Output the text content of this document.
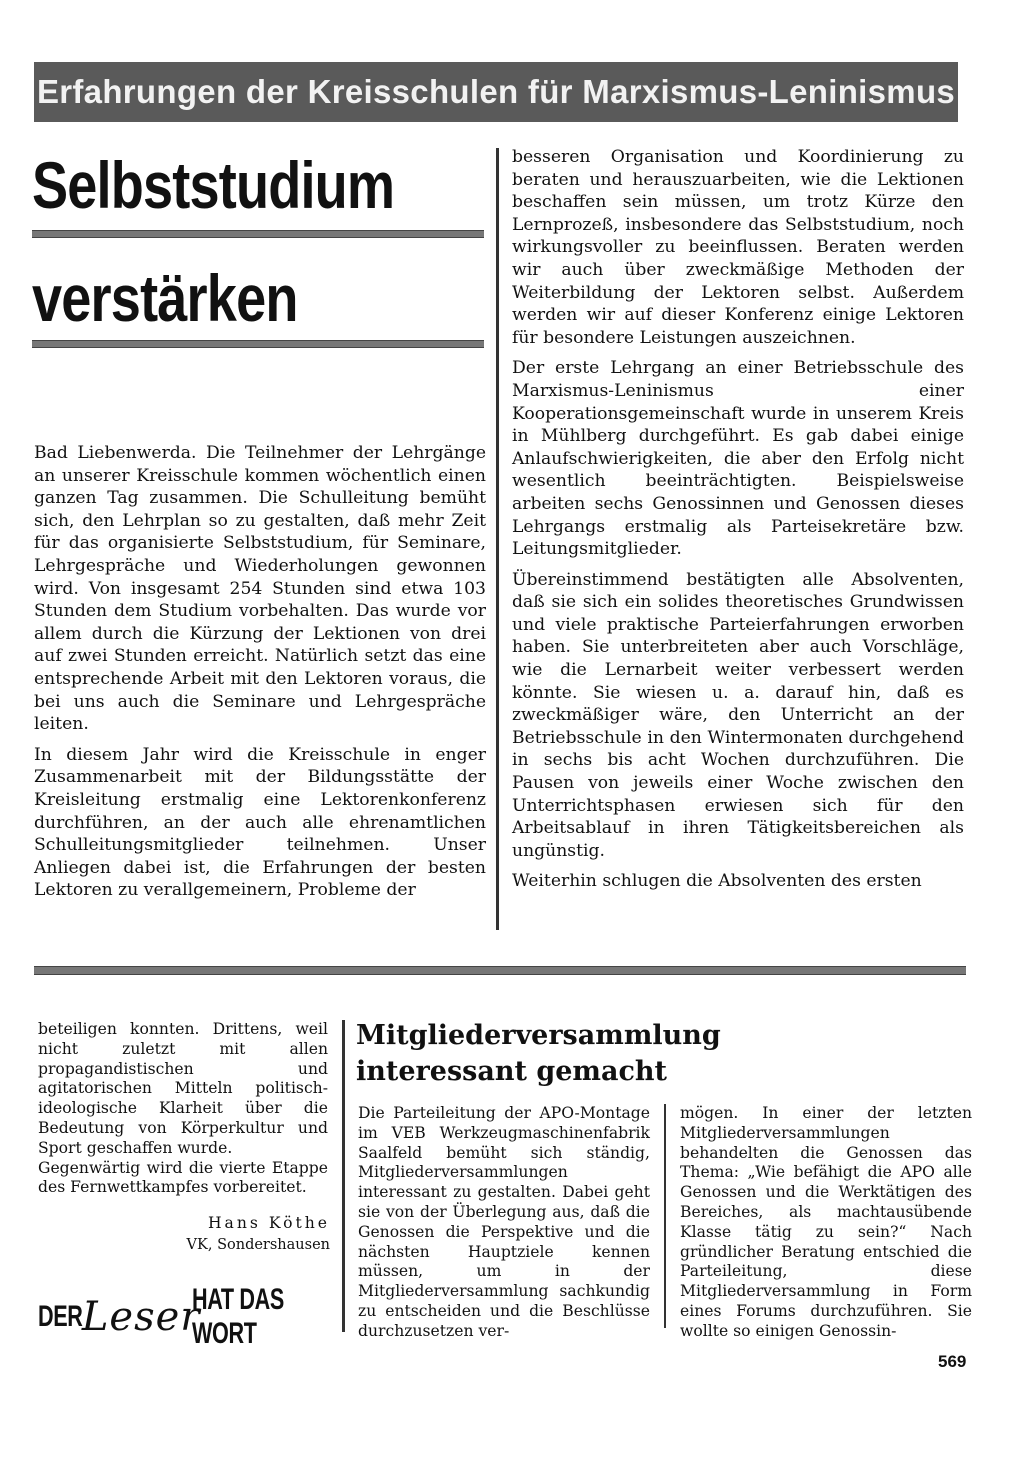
Erfahrungen der Kreisschulen für Marxismus-Leninismus
Selbststudium
verstärken

Bad Liebenwerda. Die Teilnehmer der Lehrgänge an unserer Kreisschule kommen wöchentlich einen ganzen Tag zusammen. Die Schulleitung bemüht sich, den Lehrplan so zu gestalten, daß mehr Zeit für das organisierte Selbststudium, für Seminare, Lehrgespräche und Wiederholungen gewonnen wird. Von insgesamt 254 Stunden sind etwa 103 Stunden dem Studium vorbehalten. Das wurde vor allem durch die Kürzung der Lektionen von drei auf zwei Stunden erreicht. Natürlich setzt das eine entsprechende Arbeit mit den Lektoren voraus, die bei uns auch die Seminare und Lehrgespräche leiten.

In diesem Jahr wird die Kreisschule in enger Zusammenarbeit mit der Bildungsstätte der Kreisleitung erstmalig eine Lektorenkonferenz durchführen, an der auch alle ehrenamtlichen Schulleitungsmitglieder teilnehmen. Unser Anliegen dabei ist, die Erfahrungen der besten Lektoren zu verallgemeinern, Probleme der

besseren Organisation und Koordinierung zu beraten und herauszuarbeiten, wie die Lektionen beschaffen sein müssen, um trotz Kürze den Lernprozeß, insbesondere das Selbststudium, noch wirkungsvoller zu beeinflussen. Beraten werden wir auch über zweckmäßige Methoden der Weiterbildung der Lektoren selbst. Außerdem werden wir auf dieser Konferenz einige Lektoren für besondere Leistungen auszeichnen.

Der erste Lehrgang an einer Betriebsschule des Marxismus-Leninismus einer Kooperationsgemeinschaft wurde in unserem Kreis in Mühlberg durchgeführt. Es gab dabei einige Anlaufschwierigkeiten, die aber den Erfolg nicht wesentlich beeinträchtigten. Beispielsweise arbeiten sechs Genossinnen und Genossen dieses Lehrgangs erstmalig als Parteisekretäre bzw. Leitungsmitglieder.

Übereinstimmend bestätigten alle Absolventen, daß sie sich ein solides theoretisches Grundwissen und viele praktische Parteierfahrungen erworben haben. Sie unterbreiteten aber auch Vorschläge, wie die Lernarbeit weiter verbessert werden könnte. Sie wiesen u. a. darauf hin, daß es zweckmäßiger wäre, den Unterricht an der Betriebsschule in den Wintermonaten durchgehend in sechs bis acht Wochen durchzuführen. Die Pausen von jeweils einer Woche zwischen den Unterrichtsphasen erwiesen sich für den Arbeitsablauf in ihren Tätigkeitsbereichen als ungünstig.

Weiterhin schlugen die Absolventen des ersten

beteiligen konnten. Drittens, weil nicht zuletzt mit allen propagandistischen und agitatorischen Mitteln politisch-ideologische Klarheit über die Bedeutung von Körperkultur und Sport geschaffen wurde.

Gegenwärtig wird die vierte Etappe des Fernwettkampfes vorbereitet.

Hans Köthe
VK, Sondershausen
DER Leser
HAT DAS WORT
Mitgliederversammlung
interessant gemacht

Die Parteileitung der APO-Montage im VEB Werkzeugmaschinenfabrik Saalfeld bemüht sich ständig, Mitgliederversammlungen interessant zu gestalten. Dabei geht sie von der Überlegung aus, daß die Genossen die Perspektive und die nächsten Hauptziele kennen müssen, um in der Mitgliederversammlung sachkundig zu entscheiden und die Beschlüsse durchzusetzen ver-

mögen. In einer der letzten Mitgliederversammlungen behandelten die Genossen das Thema: „Wie befähigt die APO alle Genossen und die Werktätigen des Bereiches, als machtausübende Klasse tätig zu sein?“ Nach gründlicher Beratung entschied die Parteileitung, diese Mitgliederversammlung in Form eines Forums durchzuführen. Sie wollte so einigen Genossin-

569
